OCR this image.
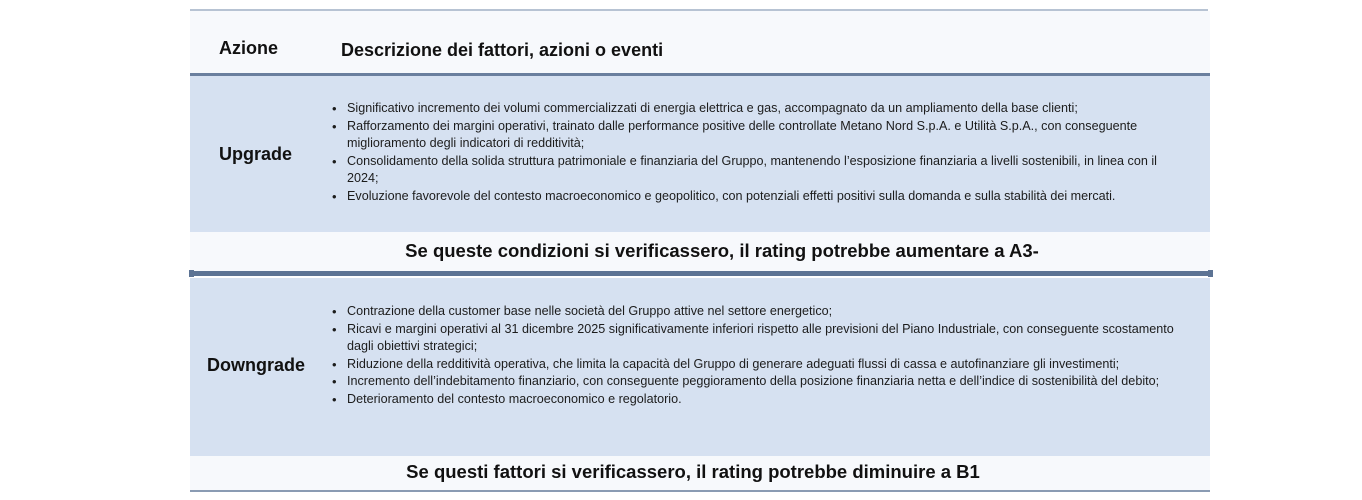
Azione	Descrizione dei fattori, azioni o eventi
Upgrade
• Significativo incremento dei volumi commercializzati di energia elettrica e gas, accompagnato da un ampliamento della base clienti;
• Rafforzamento dei margini operativi, trainato dalle performance positive delle controllate Metano Nord S.p.A. e Utilità S.p.A., con conseguente miglioramento degli indicatori di redditività;
• Consolidamento della solida struttura patrimoniale e finanziaria del Gruppo, mantenendo l’esposizione finanziaria a livelli sostenibili, in linea con il 2024;
• Evoluzione favorevole del contesto macroeconomico e geopolitico, con potenziali effetti positivi sulla domanda e sulla stabilità dei mercati.
Se queste condizioni si verificassero, il rating potrebbe aumentare a A3-
Downgrade
• Contrazione della customer base nelle società del Gruppo attive nel settore energetico;
• Ricavi e margini operativi al 31 dicembre 2025 significativamente inferiori rispetto alle previsioni del Piano Industriale, con conseguente scostamento dagli obiettivi strategici;
• Riduzione della redditività operativa, che limita la capacità del Gruppo di generare adeguati flussi di cassa e autofinanziare gli investimenti;
• Incremento dell’indebitamento finanziario, con conseguente peggioramento della posizione finanziaria netta e dell’indice di sostenibilità del debito;
• Deterioramento del contesto macroeconomico e regolatorio.
Se questi fattori si verificassero, il rating potrebbe diminuire a B1
